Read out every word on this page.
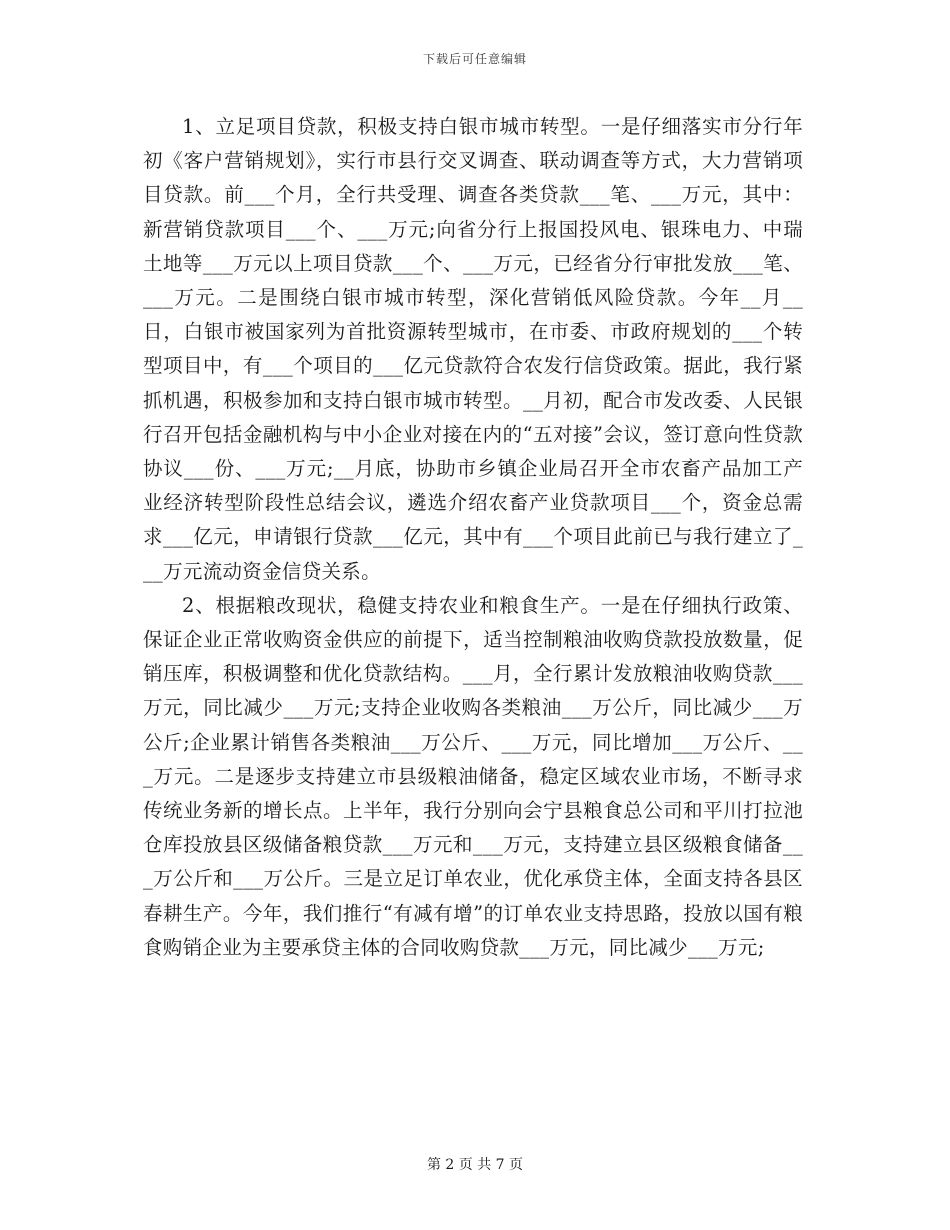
下载后可任意编辑

1、立足项目贷款，积极支持白银市城市转型。一是仔细落实市分行年初《客户营销规划》，实行市县行交叉调查、联动调查等方式，大力营销项目贷款。前___个月，全行共受理、调查各类贷款___笔、___万元，其中：新营销贷款项目___个、___万元;向省分行上报国投风电、银珠电力、中瑞土地等___万元以上项目贷款___个、___万元，已经省分行审批发放___笔、___万元。二是围绕白银市城市转型，深化营销低风险贷款。今年__月__日，白银市被国家列为首批资源转型城市，在市委、市政府规划的___个转型项目中，有___个项目的___亿元贷款符合农发行信贷政策。据此，我行紧抓机遇，积极参加和支持白银市城市转型。__月初，配合市发改委、人民银行召开包括金融机构与中小企业对接在内的“五对接”会议，签订意向性贷款协议___份、___万元;__月底，协助市乡镇企业局召开全市农畜产品加工产业经济转型阶段性总结会议，遴选介绍农畜产业贷款项目___个，资金总需求___亿元，申请银行贷款___亿元，其中有___个项目此前已与我行建立了___万元流动资金信贷关系。

2、根据粮改现状，稳健支持农业和粮食生产。一是在仔细执行政策、保证企业正常收购资金供应的前提下，适当控制粮油收购贷款投放数量，促销压库，积极调整和优化贷款结构。___月，全行累计发放粮油收购贷款___万元，同比减少___万元;支持企业收购各类粮油___万公斤，同比减少___万公斤;企业累计销售各类粮油___万公斤、___万元，同比增加___万公斤、___万元。二是逐步支持建立市县级粮油储备，稳定区域农业市场，不断寻求传统业务新的增长点。上半年，我行分别向会宁县粮食总公司和平川打拉池仓库投放县区级储备粮贷款___万元和___万元，支持建立县区级粮食储备___万公斤和___万公斤。三是立足订单农业，优化承贷主体，全面支持各县区春耕生产。今年，我们推行“有减有增”的订单农业支持思路，投放以国有粮食购销企业为主要承贷主体的合同收购贷款___万元，同比减少___万元;

第 2 页 共 7 页
